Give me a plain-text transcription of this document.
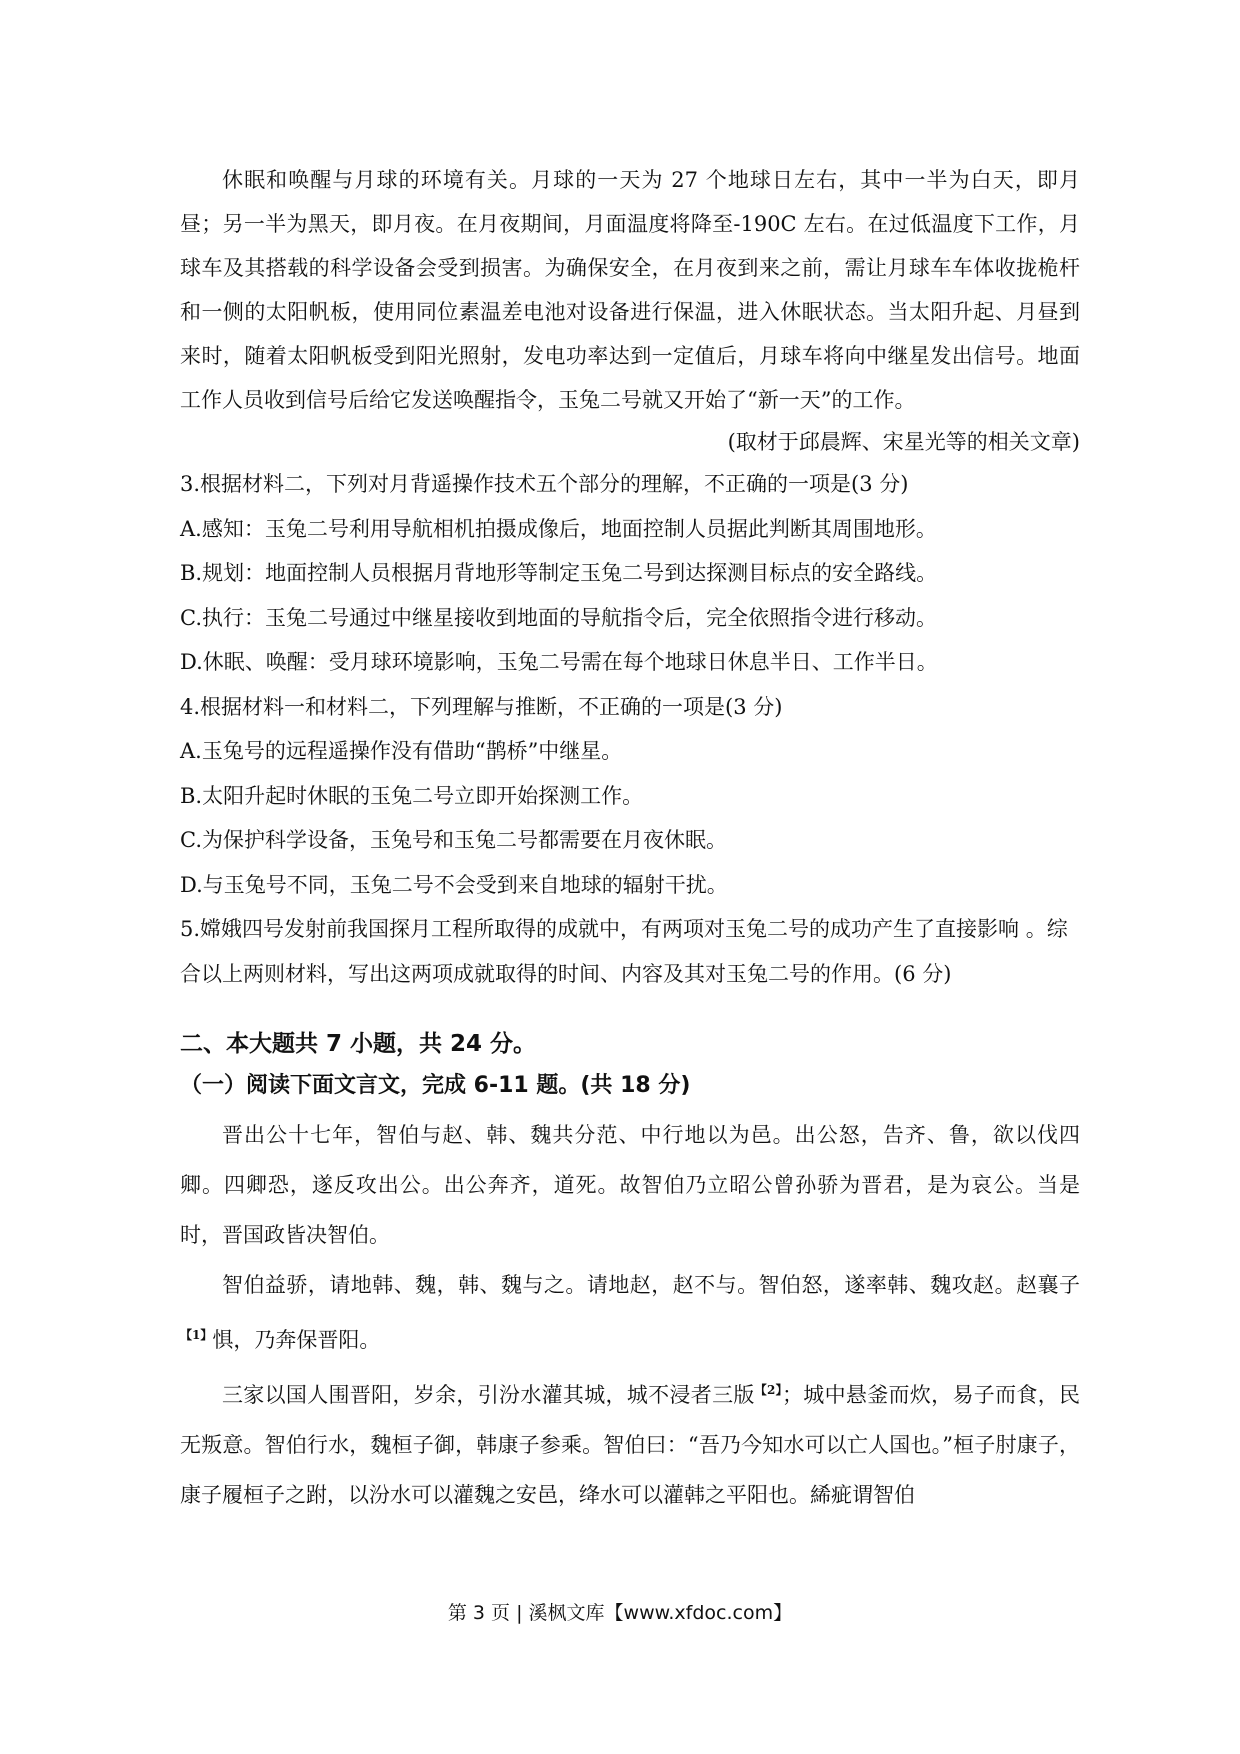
休眠和唤醒与月球的环境有关。月球的一天为 27 个地球日左右，其中一半为白天，即月昼；另一半为黑天，即月夜。在月夜期间，月面温度将降至-190C 左右。在过低温度下工作，月球车及其搭载的科学设备会受到损害。为确保安全，在月夜到来之前，需让月球车车体收拢桅杆和一侧的太阳帆板，使用同位素温差电池对设备进行保温，进入休眠状态。当太阳升起、月昼到来时，随着太阳帆板受到阳光照射，发电功率达到一定值后，月球车将向中继星发出信号。地面工作人员收到信号后给它发送唤醒指令，玉兔二号就又开始了“新一天”的工作。

(取材于邱晨辉、宋星光等的相关文章)

3.根据材料二，下列对月背遥操作技术五个部分的理解，不正确的一项是(3 分)

A.感知：玉兔二号利用导航相机拍摄成像后，地面控制人员据此判断其周围地形。

B.规划：地面控制人员根据月背地形等制定玉兔二号到达探测目标点的安全路线。

C.执行：玉兔二号通过中继星接收到地面的导航指令后，完全依照指令进行移动。

D.休眠、唤醒：受月球环境影响，玉兔二号需在每个地球日休息半日、工作半日。

4.根据材料一和材料二，下列理解与推断，不正确的一项是(3 分)

A.玉兔号的远程遥操作没有借助“鹊桥”中继星。

B.太阳升起时休眠的玉兔二号立即开始探测工作。

C.为保护科学设备，玉兔号和玉兔二号都需要在月夜休眠。

D.与玉兔号不同，玉兔二号不会受到来自地球的辐射干扰。

5.嫦娥四号发射前我国探月工程所取得的成就中，有两项对玉兔二号的成功产生了直接影响 。综合以上两则材料，写出这两项成就取得的时间、内容及其对玉兔二号的作用。(6 分)

二、本大题共 7 小题，共 24 分。
（一）阅读下面文言文，完成 6-11 题。(共 18 分)

晋出公十七年，智伯与赵、韩、魏共分范、中行地以为邑。出公怒，告齐、鲁，欲以伐四卿。四卿恐，遂反攻出公。出公奔齐，道死。故智伯乃立昭公曾孙骄为晋君，是为哀公。当是时，晋国政皆决智伯。

智伯益骄，请地韩、魏，韩、魏与之。请地赵，赵不与。智伯怒，遂率韩、魏攻赵。赵襄子$^{【1】}$惧，乃奔保晋阳。

三家以国人围晋阳，岁余，引汾水灌其城，城不浸者三版$^{【2】}$；城中悬釜而炊，易子而食，民无叛意。智伯行水，魏桓子御，韩康子参乘。智伯曰：“吾乃今知水可以亡人国也。”桓子肘康子，康子履桓子之跗，以汾水可以灌魏之安邑，绛水可以灌韩之平阳也。絺疵谓智伯

第 3 页 | 溪枫文库【www.xfdoc.com】
